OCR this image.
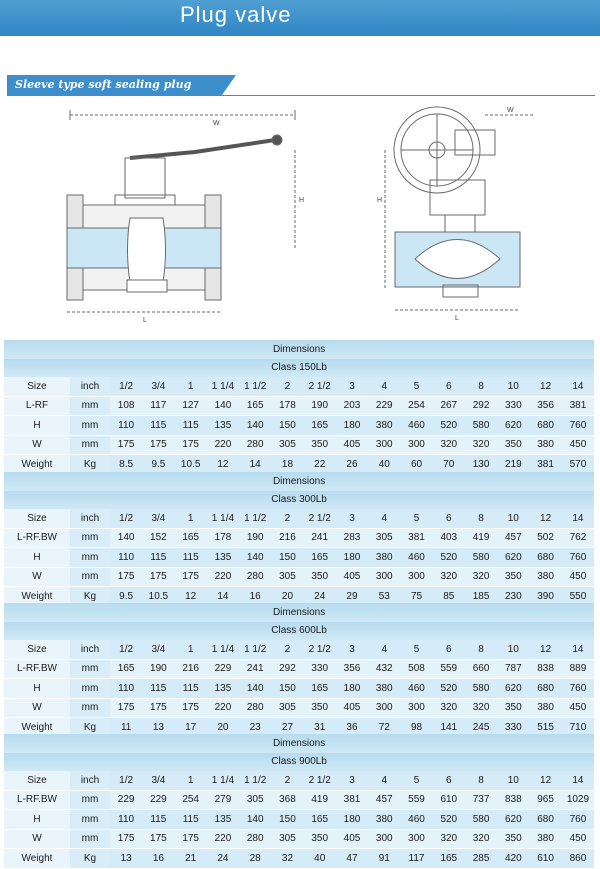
Plug valve
Sleeve type soft sealing plug valve
W
H
L
W
H
L
Dimensions																
Class 150Lb																
Size	inch	1/2	3/4	1	1 1/4	1 1/2	2	2 1/2	3	4	5	6	8	10	12	14
L-RF	mm	108	117	127	140	165	178	190	203	229	254	267	292	330	356	381
H	mm	110	115	115	135	140	150	165	180	380	460	520	580	620	680	760
W	mm	175	175	175	220	280	305	350	405	300	300	320	320	350	380	450
Weight	Kg	8.5	9.5	10.5	12	14	18	22	26	40	60	70	130	219	381	570
Dimensions																
Class 300Lb																
Size	inch	1/2	3/4	1	1 1/4	1 1/2	2	2 1/2	3	4	5	6	8	10	12	14
L-RF.BW	mm	140	152	165	178	190	216	241	283	305	381	403	419	457	502	762
H	mm	110	115	115	135	140	150	165	180	380	460	520	580	620	680	760
W	mm	175	175	175	220	280	305	350	405	300	300	320	320	350	380	450
Weight	Kg	9.5	10.5	12	14	16	20	24	29	53	75	85	185	230	390	550
Dimensions																
Class 600Lb																
Size	inch	1/2	3/4	1	1 1/4	1 1/2	2	2 1/2	3	4	5	6	8	10	12	14
L-RF.BW	mm	165	190	216	229	241	292	330	356	432	508	559	660	787	838	889
H	mm	110	115	115	135	140	150	165	180	380	460	520	580	620	680	760
W	mm	175	175	175	220	280	305	350	405	300	300	320	320	350	380	450
Weight	Kg	11	13	17	20	23	27	31	36	72	98	141	245	330	515	710
Dimensions																
Class 900Lb																
Size	inch	1/2	3/4	1	1 1/4	1 1/2	2	2 1/2	3	4	5	6	8	10	12	14
L-RF.BW	mm	229	229	254	279	305	368	419	381	457	559	610	737	838	965	1029
H	mm	110	115	115	135	140	150	165	180	380	460	520	580	620	680	760
W	mm	175	175	175	220	280	305	350	405	300	300	320	320	350	380	450
Weight	Kg	13	16	21	24	28	32	40	47	91	117	165	285	420	610	860
